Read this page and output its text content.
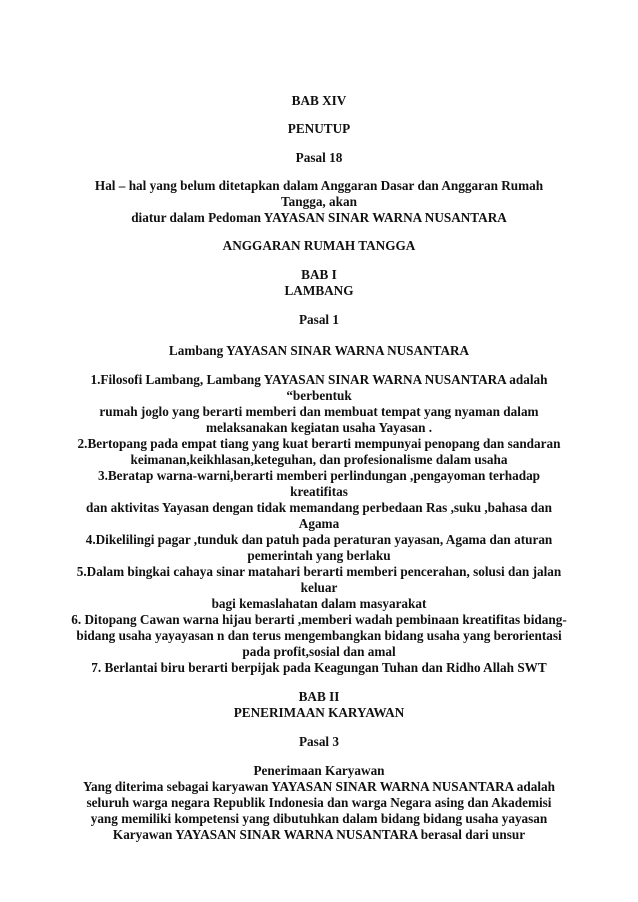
BAB XIV
PENUTUP
Pasal 18
Hal – hal yang belum ditetapkan dalam Anggaran Dasar dan Anggaran Rumah
Tangga, akan
diatur dalam Pedoman YAYASAN SINAR WARNA NUSANTARA
ANGGARAN RUMAH TANGGA
BAB I
LAMBANG
Pasal 1
Lambang YAYASAN SINAR WARNA NUSANTARA
1.Filosofi Lambang, Lambang YAYASAN SINAR WARNA NUSANTARA adalah
“berbentuk
rumah joglo yang berarti memberi dan membuat tempat yang nyaman dalam
melaksanakan kegiatan usaha Yayasan .
2.Bertopang pada empat tiang yang kuat berarti mempunyai penopang dan sandaran
keimanan,keikhlasan,keteguhan, dan profesionalisme dalam usaha
3.Beratap warna-warni,berarti memberi perlindungan ,pengayoman terhadap
kreatifitas
dan aktivitas Yayasan dengan tidak memandang perbedaan Ras ,suku ,bahasa dan
Agama
4.Dikelilingi pagar ,tunduk dan patuh pada peraturan yayasan, Agama dan aturan
pemerintah yang berlaku
5.Dalam bingkai cahaya sinar matahari berarti memberi pencerahan, solusi dan jalan
keluar
bagi kemaslahatan dalam masyarakat
6. Ditopang Cawan warna hijau berarti ,memberi wadah pembinaan kreatifitas bidang-
bidang usaha yayayasan n dan terus mengembangkan bidang usaha yang berorientasi
pada profit,sosial dan amal
7. Berlantai biru berarti berpijak pada Keagungan Tuhan dan Ridho Allah SWT
BAB II
PENERIMAAN KARYAWAN
Pasal 3
Penerimaan Karyawan
Yang diterima sebagai karyawan YAYASAN SINAR WARNA NUSANTARA adalah
seluruh warga negara Republik Indonesia dan warga Negara asing dan Akademisi
yang memiliki kompetensi yang dibutuhkan dalam bidang bidang usaha yayasan
Karyawan YAYASAN SINAR WARNA NUSANTARA berasal dari unsur
